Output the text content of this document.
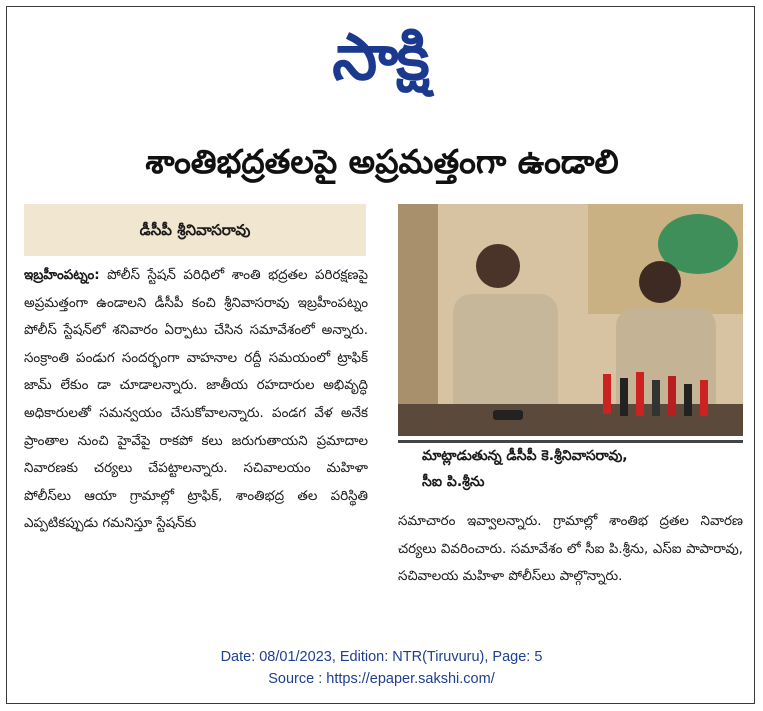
సాక్షి
శాంతిభద్రతలపై అప్రమత్తంగా ఉండాలి
డీసీపీ శ్రీనివాసరావు
ఇబ్రహీంపట్నం: పోలీస్ స్టేషన్ పరిధిలో శాంతి భద్రతల పరిరక్షణపై అప్రమత్తంగా ఉండాలని డీసీపీ కంచి శ్రీనివాసరావు ఇబ్రహీంపట్నం పోలీస్ స్టేషన్‌లో శనివారం ఏర్పాటు చేసిన సమావేశంలో అన్నారు. సంక్రాంతి పండుగ సందర్భంగా వాహనాల రద్దీ సమయంలో ట్రాఫిక్ జామ్ లేకుం డా చూడాలన్నారు. జాతీయ రహదారుల అభివృద్ధి అధికారులతో సమన్వయం చేసుకోవాలన్నారు. పండగ వేళ అనేక ప్రాంతాల నుంచి హైవేపై రాకపో కలు జరుగుతాయని ప్రమాదాల నివారణకు చర్యలు చేపట్టాలన్నారు. సచివాలయం మహిళా పోలీస్‌లు ఆయా గ్రామాల్లో ట్రాఫిక్, శాంతిభద్ర తల పరిస్థితి ఎప్పటికప్పుడు గమనిస్తూ స్టేషన్‌కు
మాట్లాడుతున్న డీసీపీ కె.శ్రీనివాసరావు,
సీఐ పి.శ్రీను
సమాచారం ఇవ్వాలన్నారు. గ్రామాల్లో శాంతిభ ద్రతల నివారణ చర్యలు వివరించారు. సమావేశం లో సీఐ పి.శ్రీను, ఎస్ఐ పాపారావు, సచివాలయ మహిళా పోలీస్‌లు పాల్గొన్నారు.
Date: 08/01/2023, Edition: NTR(Tiruvuru), Page: 5
Source : https://epaper.sakshi.com/
